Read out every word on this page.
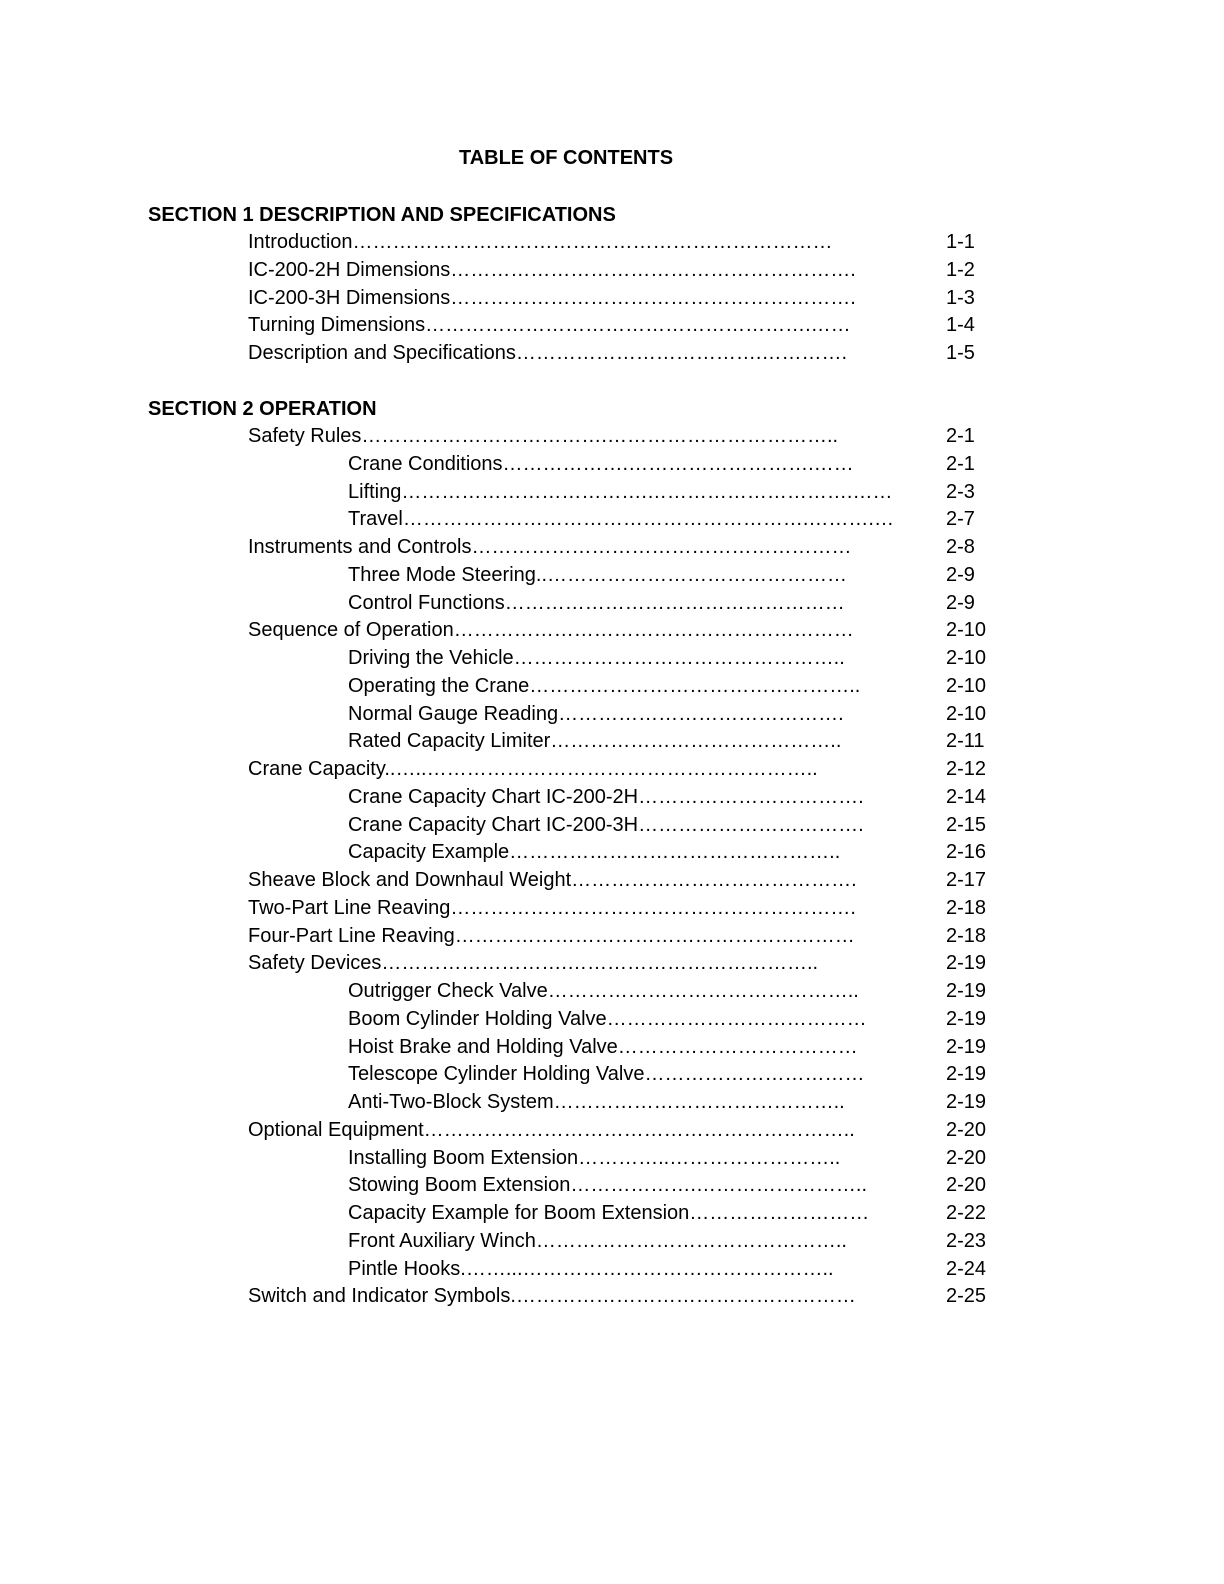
TABLE OF CONTENTS
SECTION 1 DESCRIPTION AND SPECIFICATIONS
Introduction………………………………………………………………	1-1
IC-200-2H Dimensions…………………………………………………….	1-2
IC-200-3H Dimensions…………………………………………………….	1-3
Turning Dimensions………………………………………………….……	1-4
Description and Specifications……………………………….………….	1-5
SECTION 2 OPERATION
Safety Rules……………………………….……………………………..	2-1
Crane Conditions……………….……………………….……	2-1
Lifting……………………………….………………………….……	2-3
Travel…………………………………………………….……….…	2-7
Instruments and Controls…………………………………………………	2-8
Three Mode Steering..………………………………………	2-9
Control Functions……………………………………………	2-9
Sequence of Operation……………………………………………………	2-10
Driving the Vehicle…………………………………………..	2-10
Operating the Crane…………………………………………..	2-10
Normal Gauge Reading…………………………………….	2-10
Rated Capacity Limiter……………………………………..	2-11
Crane Capacity..…..…………………………………………………..	2-12
Crane Capacity Chart IC-200-2H…………………………….	2-14
Crane Capacity Chart IC-200-3H…………………………….	2-15
Capacity Example…………………………………………..	2-16
Sheave Block and Downhaul Weight…………………………………….	2-17
Two-Part Line Reaving…………………………………………………….	2-18
Four-Part Line Reaving……………………………………………………	2-18
Safety Devices……………………….………………………………..	2-19
Outrigger Check Valve………………………………………..	2-19
Boom Cylinder Holding Valve…………………………………	2-19
Hoist Brake and Holding Valve………………………………	2-19
Telescope Cylinder Holding Valve……………………………	2-19
Anti-Two-Block System……………………………………..	2-19
Optional Equipment………………………………………………………..	2-20
Installing Boom Extension…………..……………………..	2-20
Stowing Boom Extension……………….……………………..	2-20
Capacity Example for Boom Extension………………………	2-22
Front Auxiliary Winch………………………………………..	2-23
Pintle Hooks.……...………………………………………..	2-24
Switch and Indicator Symbols.……………………………………………	2-25
